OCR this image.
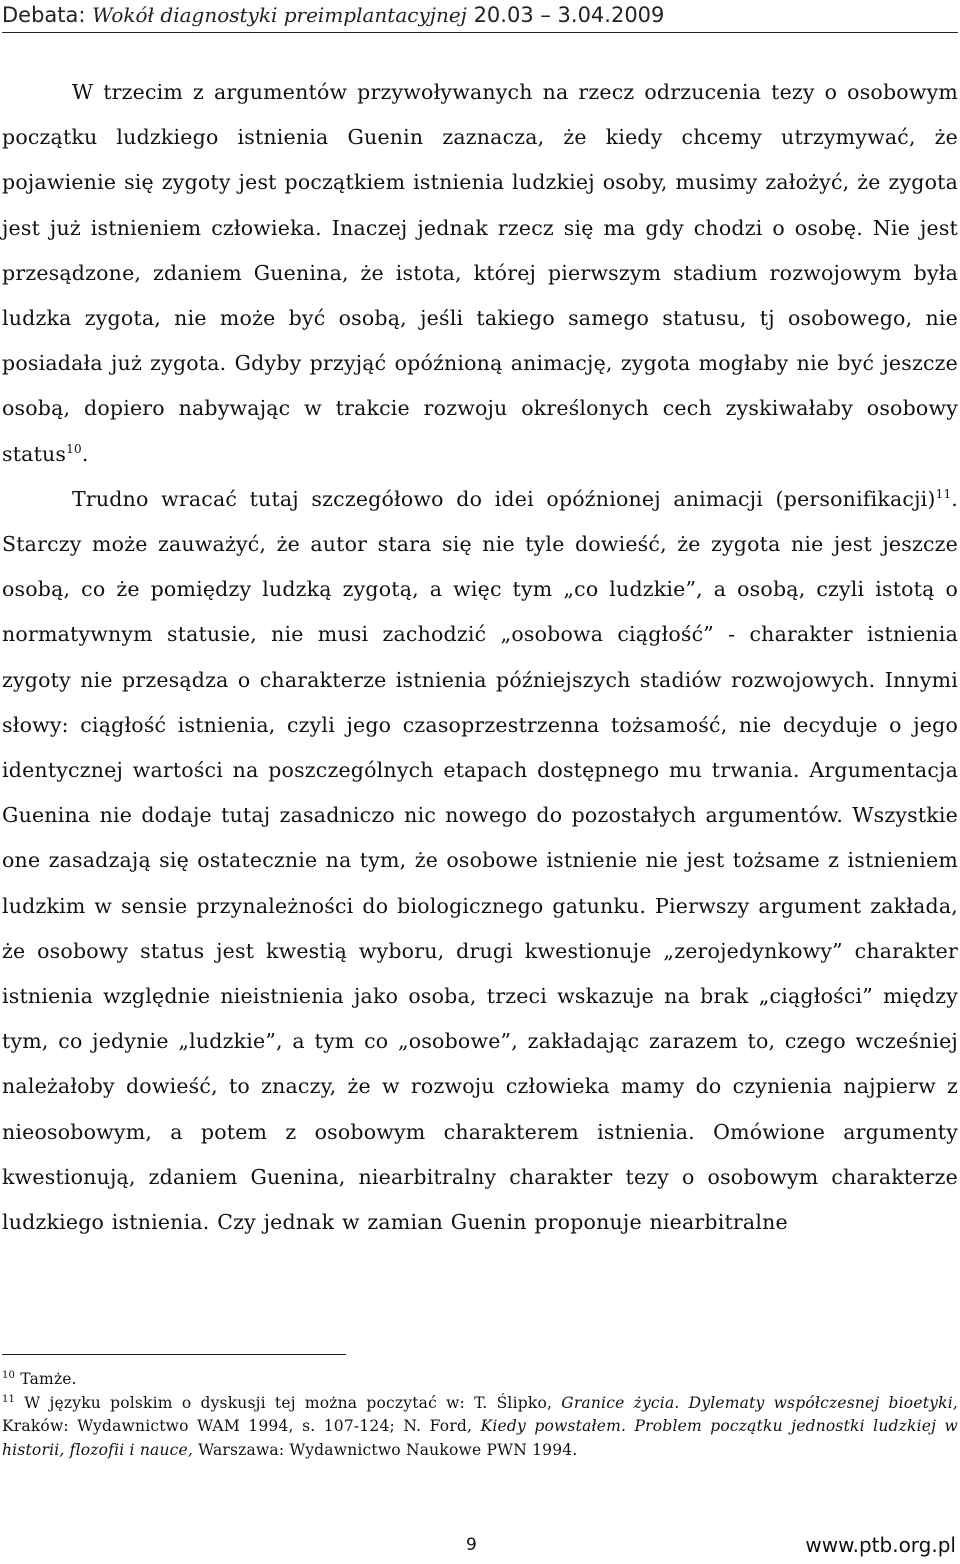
Debata: Wokół diagnostyki preimplantacyjnej 20.03 – 3.04.2009

W trzecim z argumentów przywoływanych na rzecz odrzucenia tezy o osobowym początku ludzkiego istnienia Guenin zaznacza, że kiedy chcemy utrzymywać, że pojawienie się zygoty jest początkiem istnienia ludzkiej osoby, musimy założyć, że zygota jest już istnieniem człowieka. Inaczej jednak rzecz się ma gdy chodzi o osobę. Nie jest przesądzone, zdaniem Guenina, że istota, której pierwszym stadium rozwojowym była ludzka zygota, nie może być osobą, jeśli takiego samego statusu, tj osobowego, nie posiadała już zygota. Gdyby przyjąć opóźnioną animację, zygota mogłaby nie być jeszcze osobą, dopiero nabywając w trakcie rozwoju określonych cech zyskiwałaby osobowy status$^{10}$.

Trudno wracać tutaj szczegółowo do idei opóźnionej animacji (personifikacji)$^{11}$. Starczy może zauważyć, że autor stara się nie tyle dowieść, że zygota nie jest jeszcze osobą, co że pomiędzy ludzką zygotą, a więc tym „co ludzkie”, a osobą, czyli istotą o normatywnym statusie, nie musi zachodzić „osobowa ciągłość” - charakter istnienia zygoty nie przesądza o charakterze istnienia późniejszych stadiów rozwojowych. Innymi słowy: ciągłość istnienia, czyli jego czasoprzestrzenna tożsamość, nie decyduje o jego identycznej wartości na poszczególnych etapach dostępnego mu trwania. Argumentacja Guenina nie dodaje tutaj zasadniczo nic nowego do pozostałych argumentów. Wszystkie one zasadzają się ostatecznie na tym, że osobowe istnienie nie jest tożsame z istnieniem ludzkim w sensie przynależności do biologicznego gatunku. Pierwszy argument zakłada, że osobowy status jest kwestią wyboru, drugi kwestionuje „zerojedynkowy” charakter istnienia względnie nieistnienia jako osoba, trzeci wskazuje na brak „ciągłości” między tym, co jedynie „ludzkie”, a tym co „osobowe”, zakładając zarazem to, czego wcześniej należałoby dowieść, to znaczy, że w rozwoju człowieka mamy do czynienia najpierw z nieosobowym, a potem z osobowym charakterem istnienia. Omówione argumenty kwestionują, zdaniem Guenina, niearbitralny charakter tezy o osobowym charakterze ludzkiego istnienia. Czy jednak w zamian Guenin proponuje niearbitralne

$^{10}$ Tamże.

$^{11}$ W języku polskim o dyskusji tej można poczytać w: T. Ślipko, Granice życia. Dylematy współczesnej bioetyki, Kraków: Wydawnictwo WAM 1994, s. 107-124; N. Ford, Kiedy powstałem. Problem początku jednostki ludzkiej w historii, flozofii i nauce, Warszawa: Wydawnictwo Naukowe PWN 1994.

9	www.ptb.org.pl
